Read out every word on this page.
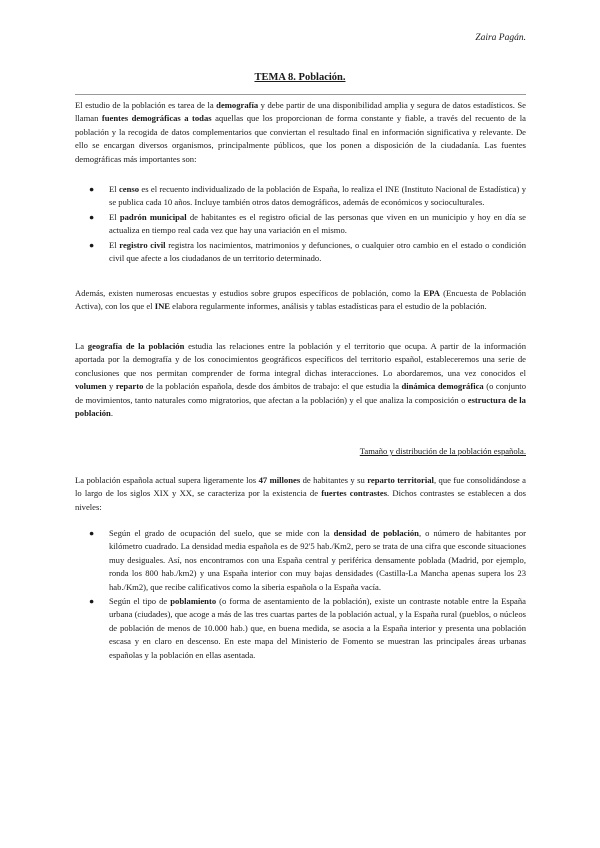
Zaira Pagán.
TEMA 8. Población.

El estudio de la población es tarea de la demografía y debe partir de una disponibilidad amplia y segura de datos estadísticos. Se llaman fuentes demográficas a todas aquellas que los proporcionan de forma constante y fiable, a través del recuento de la población y la recogida de datos complementarios que conviertan el resultado final en información significativa y relevante. De ello se encargan diversos organismos, principalmente públicos, que los ponen a disposición de la ciudadanía. Las fuentes demográficas más importantes son:

● El censo es el recuento individualizado de la población de España, lo realiza el INE (Instituto Nacional de Estadística) y se publica cada 10 años. Incluye también otros datos demográficos, además de económicos y socioculturales.
● El padrón municipal de habitantes es el registro oficial de las personas que viven en un municipio y hoy en día se actualiza en tiempo real cada vez que hay una variación en el mismo.
● El registro civil registra los nacimientos, matrimonios y defunciones, o cualquier otro cambio en el estado o condición civil que afecte a los ciudadanos de un territorio determinado.

Además, existen numerosas encuestas y estudios sobre grupos específicos de población, como la EPA (Encuesta de Población Activa), con los que el INE elabora regularmente informes, análisis y tablas estadísticas para el estudio de la población.

La geografía de la población estudia las relaciones entre la población y el territorio que ocupa. A partir de la información aportada por la demografía y de los conocimientos geográficos específicos del territorio español, estableceremos una serie de conclusiones que nos permitan comprender de forma integral dichas interacciones. Lo abordaremos, una vez conocidos el volumen y reparto de la población española, desde dos ámbitos de trabajo: el que estudia la dinámica demográfica (o conjunto de movimientos, tanto naturales como migratorios, que afectan a la población) y el que analiza la composición o estructura de la población.

Tamaño y distribución de la población española.

La población española actual supera ligeramente los 47 millones de habitantes y su reparto territorial, que fue consolidándose a lo largo de los siglos XIX y XX, se caracteriza por la existencia de fuertes contrastes. Dichos contrastes se establecen a dos niveles:

● Según el grado de ocupación del suelo, que se mide con la densidad de población, o número de habitantes por kilómetro cuadrado. La densidad media española es de 92'5 hab./Km2, pero se trata de una cifra que esconde situaciones muy desiguales. Así, nos encontramos con una España central y periférica densamente poblada (Madrid, por ejemplo, ronda los 800 hab./km2) y una España interior con muy bajas densidades (Castilla-La Mancha apenas supera los 23 hab./Km2), que recibe calificativos como la siberia española o la España vacía.
● Según el tipo de poblamiento (o forma de asentamiento de la población), existe un contraste notable entre la España urbana (ciudades), que acoge a más de las tres cuartas partes de la población actual, y la España rural (pueblos, o núcleos de población de menos de 10.000 hab.) que, en buena medida, se asocia a la España interior y presenta una población escasa y en claro en descenso. En este mapa del Ministerio de Fomento se muestran las principales áreas urbanas españolas y la población en ellas asentada.
